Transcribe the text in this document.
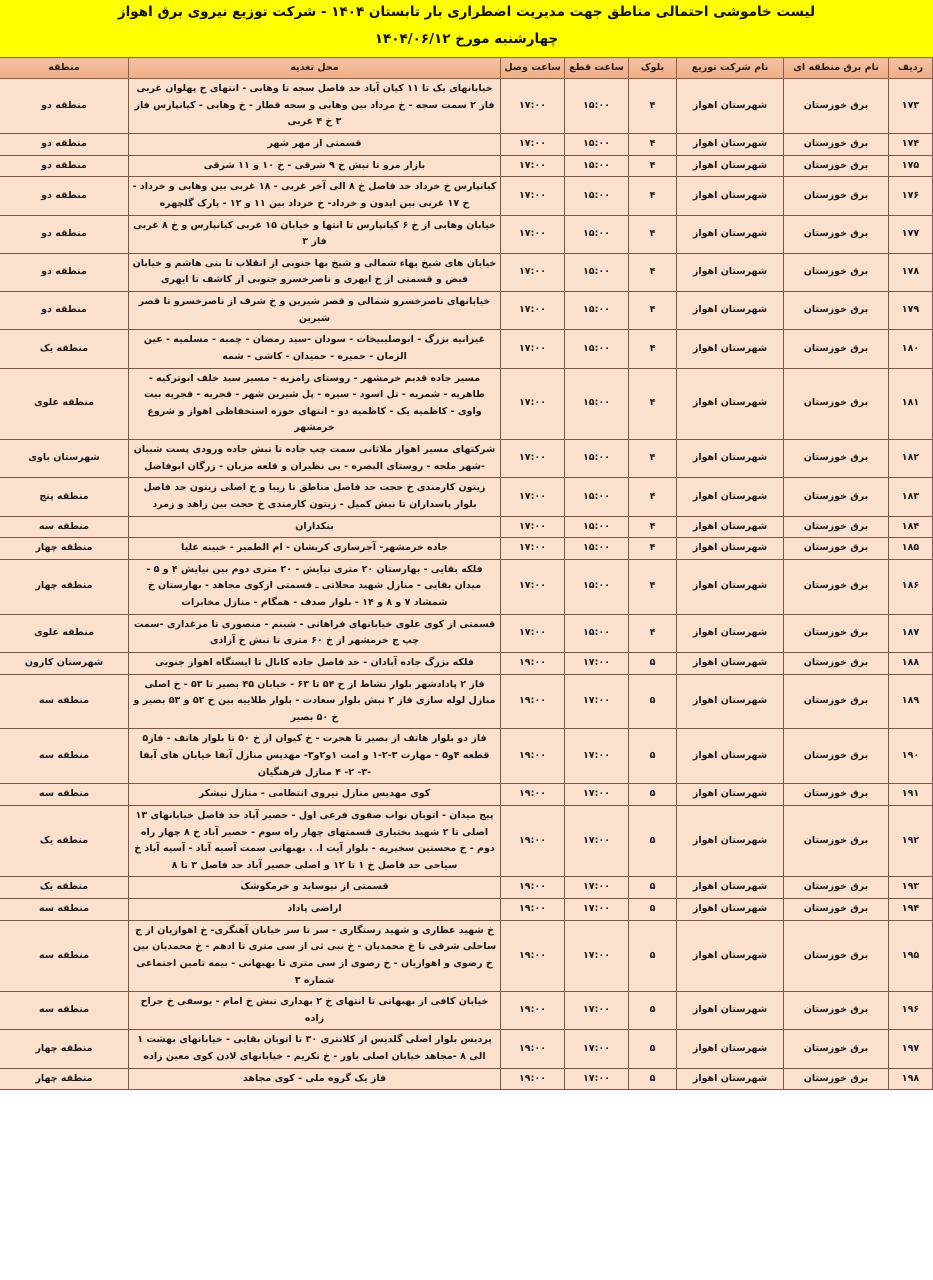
لیست خاموشی احتمالی مناطق جهت مدیریت اضطراری بار تابستان ۱۴۰۴ - شرکت توزیع نیروی برق اهواز
چهارشنبه مورخ ۱۴۰۴/۰۶/۱۲
ردیف	نام برق منطقه ای	نام شرکت توزیع	بلوک	ساعت قطع	ساعت وصل	محل تغذیه	منطقه
۱۷۳	برق خوزستان	شهرستان اهواز	۴	۱۵:۰۰	۱۷:۰۰	خیابانهای یک تا ۱۱ کیان آباد حد فاصل سجه تا وهابی - انتهای خ پهلوان غربی فاز ۲ سمت سجه - خ مرداد بین وهابی و سجه قطار - خ وهابی - کیانپارس فاز ۳ خ ۴ غربی	منطقه دو
۱۷۴	برق خوزستان	شهرستان اهواز	۴	۱۵:۰۰	۱۷:۰۰	قسمتی از مهر شهر	منطقه دو
۱۷۵	برق خوزستان	شهرستان اهواز	۴	۱۵:۰۰	۱۷:۰۰	بازار مرو تا نبش خ ۹ شرقی - خ ۱۰ و ۱۱ شرقی	منطقه دو
۱۷۶	برق خوزستان	شهرستان اهواز	۴	۱۵:۰۰	۱۷:۰۰	کیانپارس خ خرداد حد فاصل خ ۸ الی آخر غربی - ۱۸ غربی بین وهابی و خرداد - خ ۱۷ غربی بین ایدون و خرداد- خ خرداد بین ۱۱ و ۱۲ - پارک گلچهره	منطقه دو
۱۷۷	برق خوزستان	شهرستان اهواز	۴	۱۵:۰۰	۱۷:۰۰	خیابان وهابی از خ ۶ کیانپارس تا انتها و خیابان ۱۵ غربی کیانپارس و خ ۸ غربی فاز ۳	منطقه دو
۱۷۸	برق خوزستان	شهرستان اهواز	۴	۱۵:۰۰	۱۷:۰۰	خیابان های شیخ بهاء شمالی و شیخ بها جنوبی از انقلاب تا بنی هاشم و خیابان فیض و قسمتی از خ ایهری و ناصرخسرو جنوبی از کاشف تا ایهری	منطقه دو
۱۷۹	برق خوزستان	شهرستان اهواز	۴	۱۵:۰۰	۱۷:۰۰	خیابانهای ناصرخسرو شمالی و قصر شیرین و خ شرف از ناصرخسرو تا قصر شیرین	منطقه دو
۱۸۰	برق خوزستان	شهرستان اهواز	۴	۱۵:۰۰	۱۷:۰۰	غیزانیه بزرگ - ابوصلیبیخات - سودان -سید رمضان - چمبه - مسلمیه - عین الزمان - حمیره - حمیدان - کاشی - شمه	منطقه یک
۱۸۱	برق خوزستان	شهرستان اهواز	۴	۱۵:۰۰	۱۷:۰۰	مسیر جاده قدیم خرمشهر - روستای رامزیه - مسیر سید خلف ابوترکیه - طاهریه - شمریه - تل اسود - سیره - پل شیرین شهر - فجریه - فجریه بیت واوی - کاظمیه یک - کاظمیه دو - انتهای حوزه استحفاظی اهواز و شروع خرمشهر	منطقه علوی
۱۸۲	برق خوزستان	شهرستان اهواز	۴	۱۵:۰۰	۱۷:۰۰	شرکتهای مسیر اهواز ملاثانی سمت چپ جاده تا نبش جاده ورودی پست شیبان -شهر ملحه - روستای البصره - بی نظیران و قلعه مزبان - زرگان ابوفاضل	شهرستان باوی
۱۸۳	برق خوزستان	شهرستان اهواز	۴	۱۵:۰۰	۱۷:۰۰	زیتون کارمندی خ حجت حد فاصل مناطق تا زیبا و خ اصلی زیتون حد فاصل بلوار پاسداران تا نبش کمیل - زیتون کارمندی خ حجت بین زاهد و زمرد	منطقه پنج
۱۸۴	برق خوزستان	شهرستان اهواز	۴	۱۵:۰۰	۱۷:۰۰	بنکداران	منطقه سه
۱۸۵	برق خوزستان	شهرستان اهواز	۴	۱۵:۰۰	۱۷:۰۰	جاده خرمشهر- آجرسازی کریشان - ام الطمیر - خبینه علیا	منطقه چهار
۱۸۶	برق خوزستان	شهرستان اهواز	۴	۱۵:۰۰	۱۷:۰۰	فلکه بقایی - بهارستان ۲۰ متری نیایش - ۲۰ متری دوم بین نیایش ۴ و ۵ - میدان بقایی - منازل شهید محلاتی ـ قسمتی ازکوی مجاهد - بهارستان خ شمشاد ۷ و ۸ و ۱۴ - بلوار صدف - همگام - منازل مخابرات	منطقه چهار
۱۸۷	برق خوزستان	شهرستان اهواز	۴	۱۵:۰۰	۱۷:۰۰	قسمتی از کوی علوی خیابانهای فراهانی - شبنم - منصوری تا مرغداری -سمت چپ ج خرمشهر از خ ۶۰ متری تا نبش خ آزادی	منطقه علوی
۱۸۸	برق خوزستان	شهرستان اهواز	۵	۱۷:۰۰	۱۹:۰۰	فلکه بزرگ جاده آبادان - حد فاصل جاده کانال تا ایستگاه اهواز جنوبی	شهرستان کارون
۱۸۹	برق خوزستان	شهرستان اهواز	۵	۱۷:۰۰	۱۹:۰۰	فاز ۲ پادادشهر بلوار نشاط از خ ۵۴ تا ۶۳ - خیابان ۴۵ بصیر تا ۵۳ - خ اصلی منازل لوله سازی فاز ۲ نبش بلوار سعادت - بلوار طلاییه بین خ ۵۲ و ۵۳ بصیر و خ ۵۰ بصیر	منطقه سه
۱۹۰	برق خوزستان	شهرستان اهواز	۵	۱۷:۰۰	۱۹:۰۰	فاز دو بلوار هاتف از بصیر تا هجرت - خ کیوان از خ ۵۰ تا بلوار هاتف - فاز۵ قطعه ۴و۵ - مهارت ۳-۲-۱ و امت ۱و۲و۳- مهدیس منازل آبفا خیابان های آبفا -۳- ۲- ۴ منازل فرهنگیان	منطقه سه
۱۹۱	برق خوزستان	شهرستان اهواز	۵	۱۷:۰۰	۱۹:۰۰	کوی مهدیس منازل نیروی انتظامی - منازل نیشکر	منطقه سه
۱۹۲	برق خوزستان	شهرستان اهواز	۵	۱۷:۰۰	۱۹:۰۰	پیج میدان - اتوبان نواب صفوی فرعی اول - حصیر آباد حد فاصل خیابانهای ۱۳ اصلی تا ۲ شهید بختیاری قسمتهای چهار راه سوم - حصیر آباد خ ۸ چهار راه دوم - خ محسنین سخیریه - بلوار آیت ا. . بهبهانی سمت آسیه آباد - آسیه آباد خ سیاحی حد فاصل خ ۱ تا ۱۲ و اصلی حصیر آباد حد فاصل ۳ تا ۸	منطقه یک
۱۹۳	برق خوزستان	شهرستان اهواز	۵	۱۷:۰۰	۱۹:۰۰	قسمتی از نیوساید و خرمکوشک	منطقه یک
۱۹۴	برق خوزستان	شهرستان اهواز	۵	۱۷:۰۰	۱۹:۰۰	اراضی پاداد	منطقه سه
۱۹۵	برق خوزستان	شهرستان اهواز	۵	۱۷:۰۰	۱۹:۰۰	خ شهید عطاری و شهید رستگاری - سر تا سر خیابان آهنگری- خ اهوازیان از ج ساحلی شرقی تا خ محمدیان - خ نبی ثی از سی متری تا ادهم - خ محمدیان بین خ رضوی و اهوازیان - خ رضوی از سی متری تا بهبهانی - بیمه تامین اجتماعی شماره ۳	منطقه سه
۱۹۶	برق خوزستان	شهرستان اهواز	۵	۱۷:۰۰	۱۹:۰۰	خیابان کافی از بهبهانی تا انتهای خ ۲ بهداری نبش خ امام - یوسفی خ جراح زاده	منطقه سه
۱۹۷	برق خوزستان	شهرستان اهواز	۵	۱۷:۰۰	۱۹:۰۰	پردیس بلوار اصلی گلدیس از کلانتری ۳۰ تا اتوبان بقایی - خیابانهای بهشت ۱ الی ۸ -مجاهد خیابان اصلی یاور - خ تکریم - خیابانهای لادن کوی معین زاده	منطقه چهار
۱۹۸	برق خوزستان	شهرستان اهواز	۵	۱۷:۰۰	۱۹:۰۰	فاز یک گروه ملی - کوی مجاهد	منطقه چهار
